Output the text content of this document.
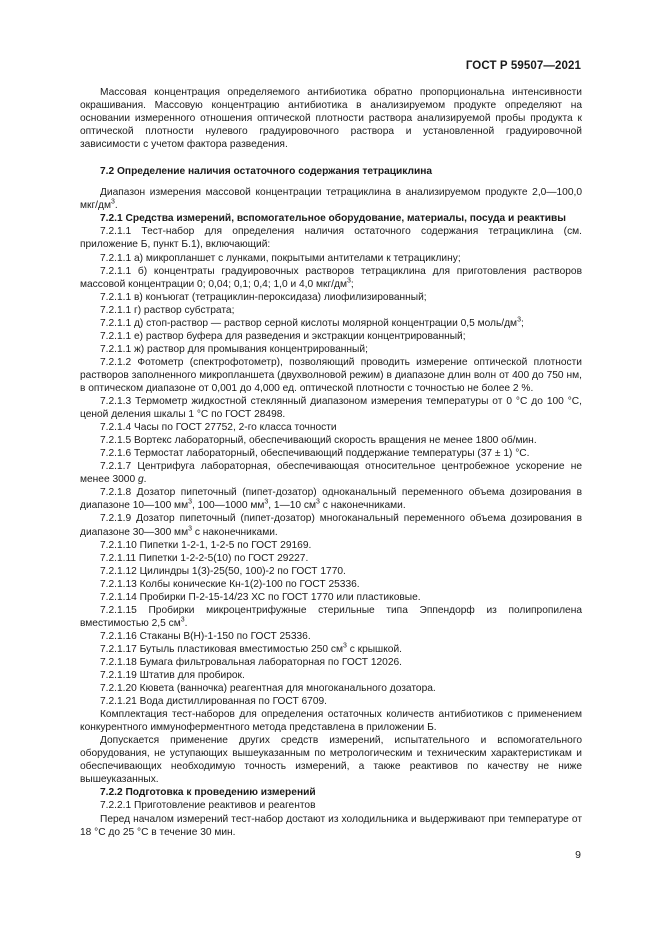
ГОСТ Р 59507—2021

Массовая концентрация определяемого антибиотика обратно пропорциональна интенсивности окрашивания. Массовую концентрацию антибиотика в анализируемом продукте определяют на основании измеренного отношения оптической плотности раствора анализируемой пробы продукта к оптической плотности нулевого градуировочного раствора и установленной градуировочной зависимости с учетом фактора разведения.

7.2 Определение наличия остаточного содержания тетрациклина

Диапазон измерения массовой концентрации тетрациклина в анализируемом продукте 2,0—100,0 мкг/$дм^3$.

7.2.1 Средства измерений, вспомогательное оборудование, материалы, посуда и реактивы

7.2.1.1 Тест-набор для определения наличия остаточного содержания тетрациклина (см. приложение Б, пункт Б.1), включающий:

7.2.1.1 а) микропланшет с лунками, покрытыми антителами к тетрациклину;

7.2.1.1 б) концентраты градуировочных растворов тетрациклина для приготовления растворов массовой концентрации 0; 0,04; 0,1; 0,4; 1,0 и 4,0 мкг/$дм^3$;

7.2.1.1 в) конъюгат (тетрациклин-пероксидаза) лиофилизированный;

7.2.1.1 г) раствор субстрата;

7.2.1.1 д) стоп-раствор — раствор серной кислоты молярной концентрации 0,5 моль/$дм^3$;

7.2.1.1 е) раствор буфера для разведения и экстракции концентрированный;

7.2.1.1 ж) раствор для промывания концентрированный;

7.2.1.2 Фотометр (спектрофотометр), позволяющий проводить измерение оптической плотности растворов заполненного микропланшета (двухволновой режим) в диапазоне длин волн от 400 до 750 нм, в оптическом диапазоне от 0,001 до 4,000 ед. оптической плотности с точностью не более 2 %.

7.2.1.3 Термометр жидкостной стеклянный диапазоном измерения температуры от 0 °С до 100 °С, ценой деления шкалы 1 °С по ГОСТ 28498.

7.2.1.4 Часы по ГОСТ 27752, 2-го класса точности

7.2.1.5 Вортекс лабораторный, обеспечивающий скорость вращения не менее 1800 об/мин.

7.2.1.6 Термостат лабораторный, обеспечивающий поддержание температуры (37 ± 1) °С.

7.2.1.7 Центрифуга лабораторная, обеспечивающая относительное центробежное ускорение не менее 3000 g.

7.2.1.8 Дозатор пипеточный (пипет-дозатор) одноканальный переменного объема дозирования в диапазоне 10—100 $мм^3$, 100—1000 $мм^3$, 1—10 $см^3$ с наконечниками.

7.2.1.9 Дозатор пипеточный (пипет-дозатор) многоканальный переменного объема дозирования в диапазоне 30—300 $мм^3$ с наконечниками.

7.2.1.10 Пипетки 1-2-1, 1-2-5 по ГОСТ 29169.

7.2.1.11 Пипетки 1-2-2-5(10) по ГОСТ 29227.

7.2.1.12 Цилиндры 1(3)-25(50, 100)-2 по ГОСТ 1770.

7.2.1.13 Колбы конические Кн-1(2)-100 по ГОСТ 25336.

7.2.1.14 Пробирки П-2-15-14/23 ХС по ГОСТ 1770 или пластиковые.

7.2.1.15 Пробирки микроцентрифужные стерильные типа Эппендорф из полипропилена вместимостью 2,5 $см^3$.

7.2.1.16 Стаканы В(Н)-1-150 по ГОСТ 25336.

7.2.1.17 Бутыль пластиковая вместимостью 250 $см^3$ с крышкой.

7.2.1.18 Бумага фильтровальная лабораторная по ГОСТ 12026.

7.2.1.19 Штатив для пробирок.

7.2.1.20 Кювета (ванночка) реагентная для многоканального дозатора.

7.2.1.21 Вода дистиллированная по ГОСТ 6709.

Комплектация тест-наборов для определения остаточных количеств антибиотиков с применением конкурентного иммуноферментного метода представлена в приложении Б.

Допускается применение других средств измерений, испытательного и вспомогательного оборудования, не уступающих вышеуказанным по метрологическим и техническим характеристикам и обеспечивающих необходимую точность измерений, а также реактивов по качеству не ниже вышеуказанных.

7.2.2 Подготовка к проведению измерений

7.2.2.1 Приготовление реактивов и реагентов

Перед началом измерений тест-набор достают из холодильника и выдерживают при температуре от 18 °С до 25 °С в течение 30 мин.

9
